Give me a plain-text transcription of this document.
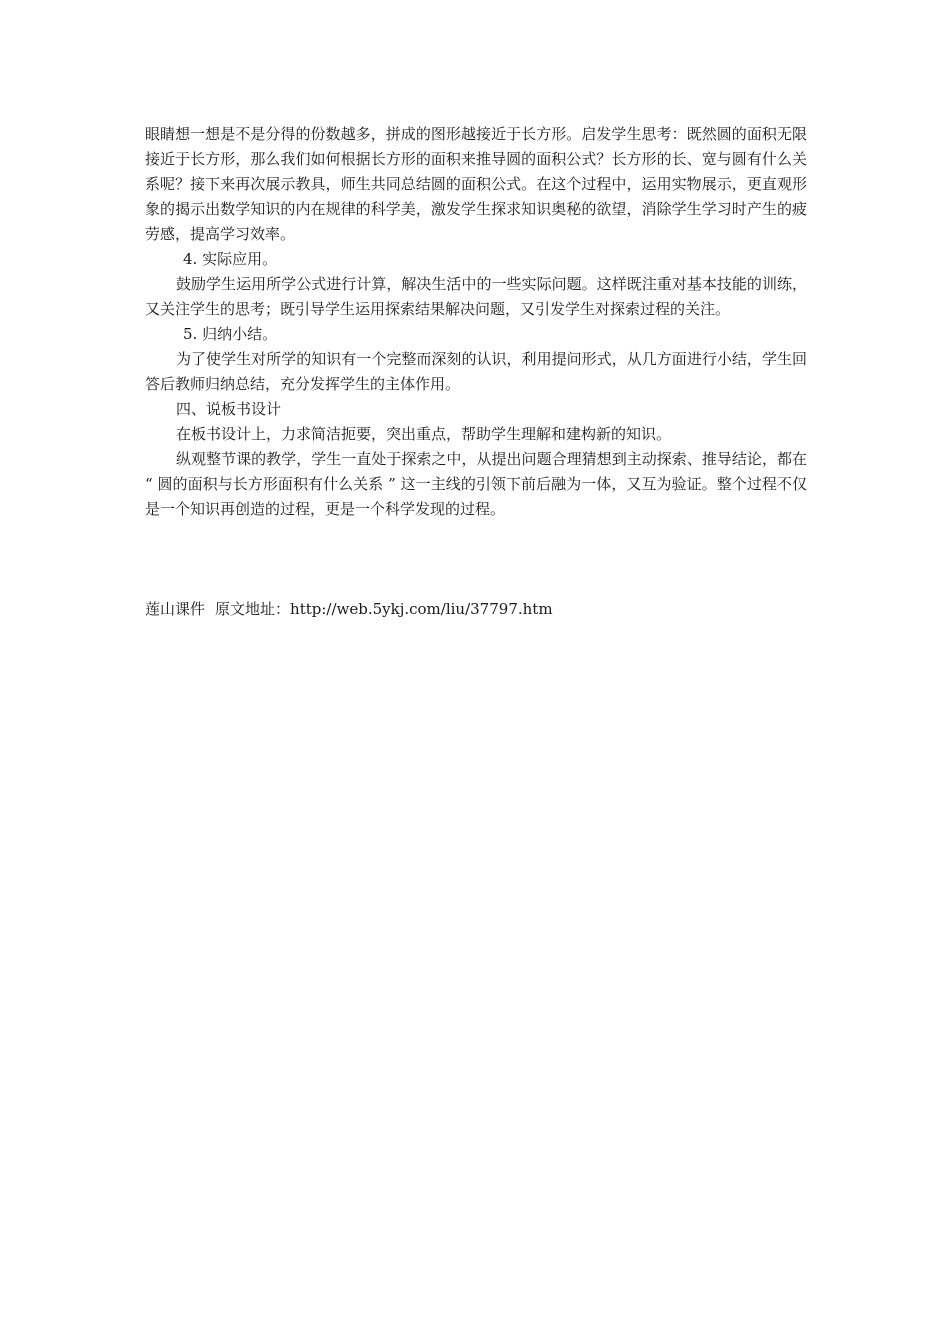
眼睛想一想是不是分得的份数越多，拼成的图形越接近于长方形。启发学生思考：既然圆的面积无限接近于长方形，那么我们如何根据长方形的面积来推导圆的面积公式？长方形的长、宽与圆有什么关系呢？接下来再次展示教具，师生共同总结圆的面积公式。在这个过程中，运用实物展示，更直观形象的揭示出数学知识的内在规律的科学美，激发学生探求知识奥秘的欲望，消除学生学习时产生的疲劳感，提高学习效率。

4. 实际应用。

鼓励学生运用所学公式进行计算，解决生活中的一些实际问题。这样既注重对基本技能的训练，又关注学生的思考；既引导学生运用探索结果解决问题，又引发学生对探索过程的关注。

5. 归纳小结。

为了使学生对所学的知识有一个完整而深刻的认识，利用提问形式，从几方面进行小结，学生回答后教师归纳总结，充分发挥学生的主体作用。

四、说板书设计

在板书设计上，力求简洁扼要，突出重点，帮助学生理解和建构新的知识。

纵观整节课的教学，学生一直处于探索之中，从提出问题合理猜想到主动探索、推导结论，都在 “ 圆的面积与长方形面积有什么关系 ” 这一主线的引领下前后融为一体，又互为验证。整个过程不仅是一个知识再创造的过程，更是一个科学发现的过程。

莲山课件 原文地址：http://web.5ykj.com/liu/37797.htm
